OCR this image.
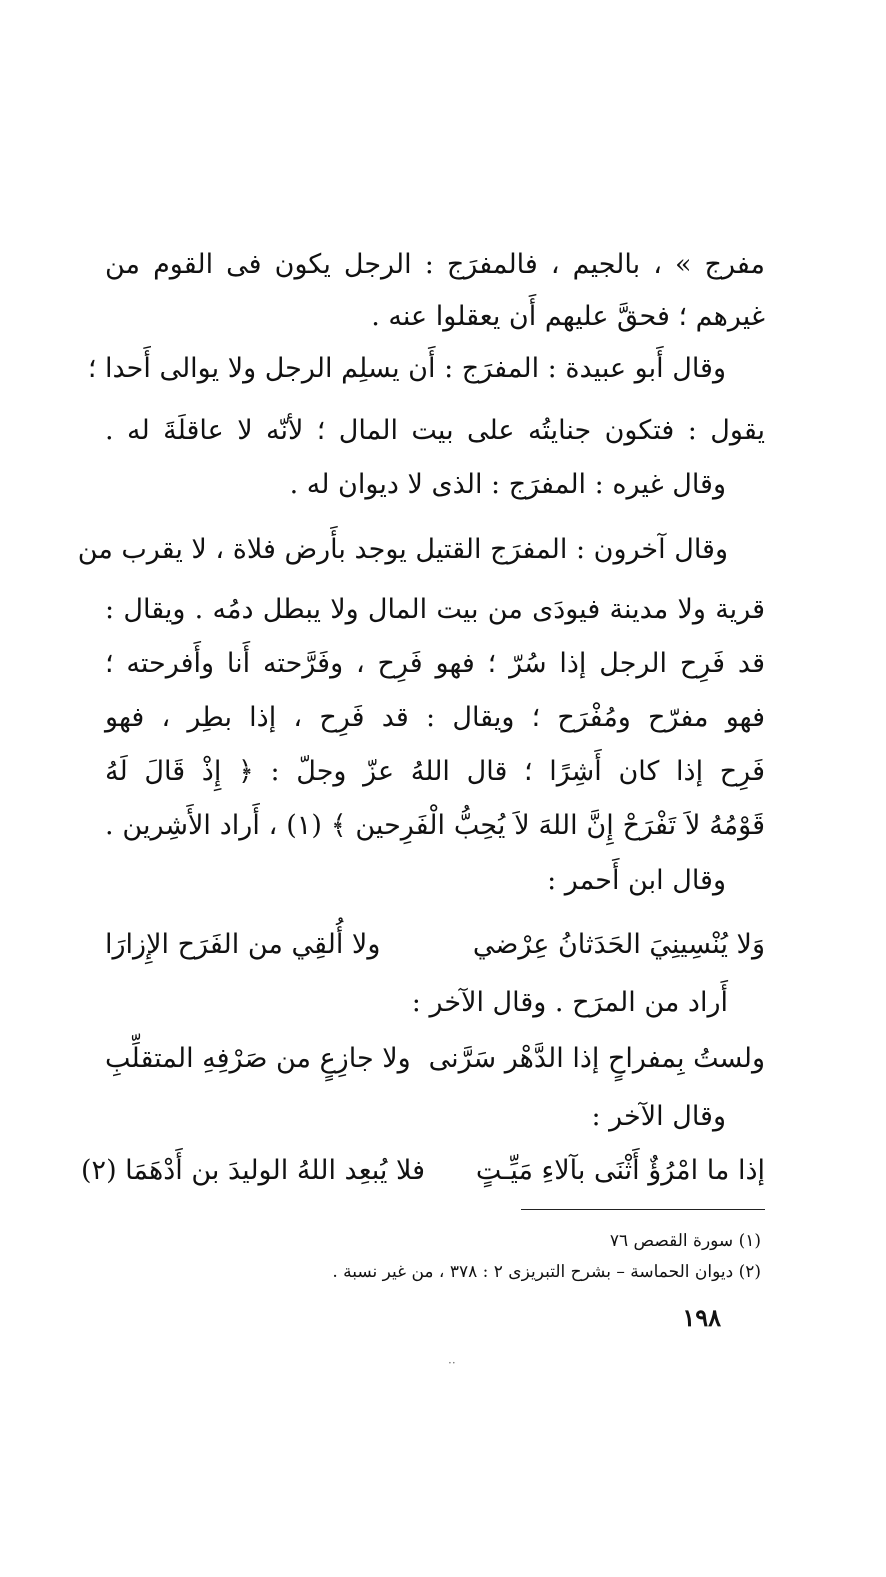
مفرج » ، بالجيم ، فالمفرَج : الرجل يكون فى القوم من
غيرهم ؛ فحقَّ عليهم أَن يعقلوا عنه .
وقال أَبو عبيدة : المفرَج : أَن يسلِم الرجل ولا يوالى أَحدا ؛
يقول : فتكون جنايتُه على بيت المال ؛ لأنّه لا عاقلَةَ له .
وقال غيره : المفرَج : الذى لا ديوان له .
وقال آخرون : المفرَج القتيل يوجد بأَرض فلاة ، لا يقرب من
قرية ولا مدينة فيودَى من بيت المال ولا يبطل دمُه . ويقال :
قد فَرِح الرجل إذا سُرّ ؛ فهو فَرِح ، وفَرَّحته أَنا وأَفرحته ؛
فهو مفرّح ومُفْرَح ؛ ويقال : قد فَرِح ، إذا بطِر ، فهو
فَرِح إذا كان أَشِرًا ؛ قال اللهُ عزّ وجلّ : ﴿ إِذْ قَالَ لَهُ
قَوْمُهُ لاَ تَفْرَحْ إِنَّ اللهَ لاَ يُحِبُّ الْفَرِحين ﴾ (١) ، أَراد الأَشِرين .
وقال ابن أَحمر :
وَلا يُنْسِينِيَ الحَدَثانُ عِرْضي
ولا أُلقِي من الفَرَح الإِزارَا
أَراد من المرَح . وقال الآخر :
ولستُ بِمفراحٍ إذا الدَّهْر سَرَّنى
ولا جازِعٍ من صَرْفِهِ المتقلِّبِ
وقال الآخر :
إذا ما امْرُؤٌ أَثْنَى بآلاءِ مَيِّـتٍ
فلا يُبعِد اللهُ الوليدَ بن أَدْهَمَا (٢)
(١) سورة القصص ٧٦
(٢) ديوان الحماسة – بشرح التبريزى ٢ : ٣٧٨ ، من غير نسبة .
١٩٨
··
